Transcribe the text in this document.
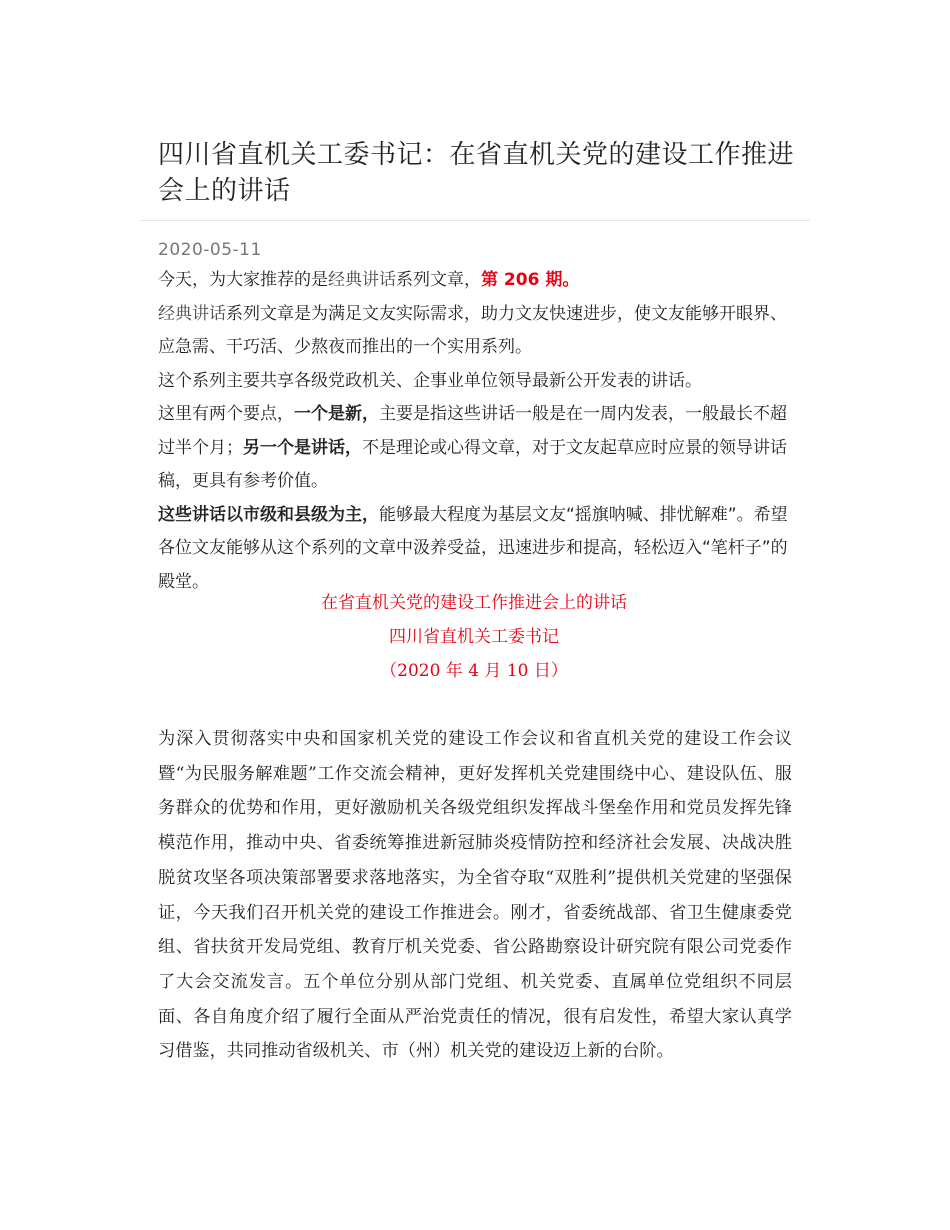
四川省直机关工委书记：在省直机关党的建设工作推进会上的讲话
2020-05-11

今天，为大家推荐的是经典讲话系列文章，第 206 期。

经典讲话系列文章是为满足文友实际需求，助力文友快速进步，使文友能够开眼界、应急需、干巧活、少熬夜而推出的一个实用系列。

这个系列主要共享各级党政机关、企事业单位领导最新公开发表的讲话。

这里有两个要点，一个是新，主要是指这些讲话一般是在一周内发表，一般最长不超过半个月；另一个是讲话，不是理论或心得文章，对于文友起草应时应景的领导讲话稿，更具有参考价值。

这些讲话以市级和县级为主，能够最大程度为基层文友“摇旗呐喊、排忧解难”。希望各位文友能够从这个系列的文章中汲养受益，迅速进步和提高，轻松迈入“笔杆子”的殿堂。

在省直机关党的建设工作推进会上的讲话
四川省直机关工委书记
（2020 年 4 月 10 日）

为深入贯彻落实中央和国家机关党的建设工作会议和省直机关党的建设工作会议暨“为民服务解难题”工作交流会精神，更好发挥机关党建围绕中心、建设队伍、服务群众的优势和作用，更好激励机关各级党组织发挥战斗堡垒作用和党员发挥先锋模范作用，推动中央、省委统筹推进新冠肺炎疫情防控和经济社会发展、决战决胜脱贫攻坚各项决策部署要求落地落实，为全省夺取“双胜利”提供机关党建的坚强保证，今天我们召开机关党的建设工作推进会。刚才，省委统战部、省卫生健康委党组、省扶贫开发局党组、教育厅机关党委、省公路勘察设计研究院有限公司党委作了大会交流发言。五个单位分别从部门党组、机关党委、直属单位党组织不同层面、各自角度介绍了履行全面从严治党责任的情况，很有启发性，希望大家认真学习借鉴，共同推动省级机关、市（州）机关党的建设迈上新的台阶。
